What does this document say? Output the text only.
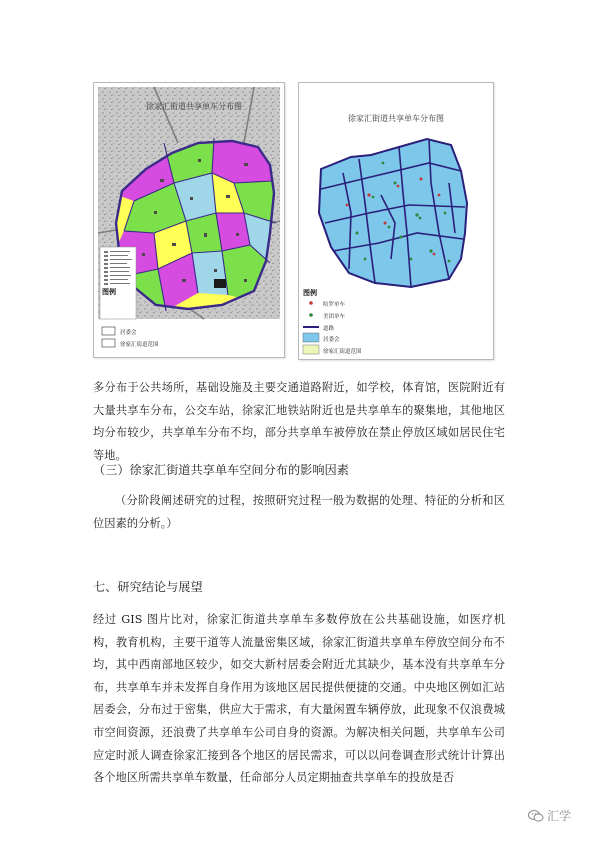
徐家汇街道共享单车分布图
图例
居委会
徐家汇街道范围
徐家汇街道共享单车分布图
图例
哈罗单车
美团单车
道路
居委会
徐家汇街道范围

多分布于公共场所，基础设施及主要交通道路附近，如学校，体育馆，医院附近有大量共享车分布，公交车站，徐家汇地铁站附近也是共享单车的聚集地，其他地区均分布较少，共享单车分布不均，部分共享单车被停放在禁止停放区域如居民住宅等地。

（三）徐家汇街道共享单车空间分布的影响因素

（分阶段阐述研究的过程，按照研究过程一般为数据的处理、特征的分析和区位因素的分析。）

七、研究结论与展望

经过 GIS 图片比对，徐家汇街道共享单车多数停放在公共基础设施，如医疗机构，教育机构，主要干道等人流量密集区域，徐家汇街道共享单车停放空间分布不均，其中西南部地区较少，如交大新村居委会附近尤其缺少，基本没有共享单车分布，共享单车并未发挥自身作用为该地区居民提供便捷的交通。中央地区例如汇站居委会，分布过于密集，供应大于需求，有大量闲置车辆停放，此现象不仅浪费城市空间资源，还浪费了共享单车公司自身的资源。为解决相关问题，共享单车公司应定时派人调查徐家汇接到各个地区的居民需求，可以以问卷调查形式统计计算出各个地区所需共享单车数量，任命部分人员定期抽查共享单车的投放是否

汇学
